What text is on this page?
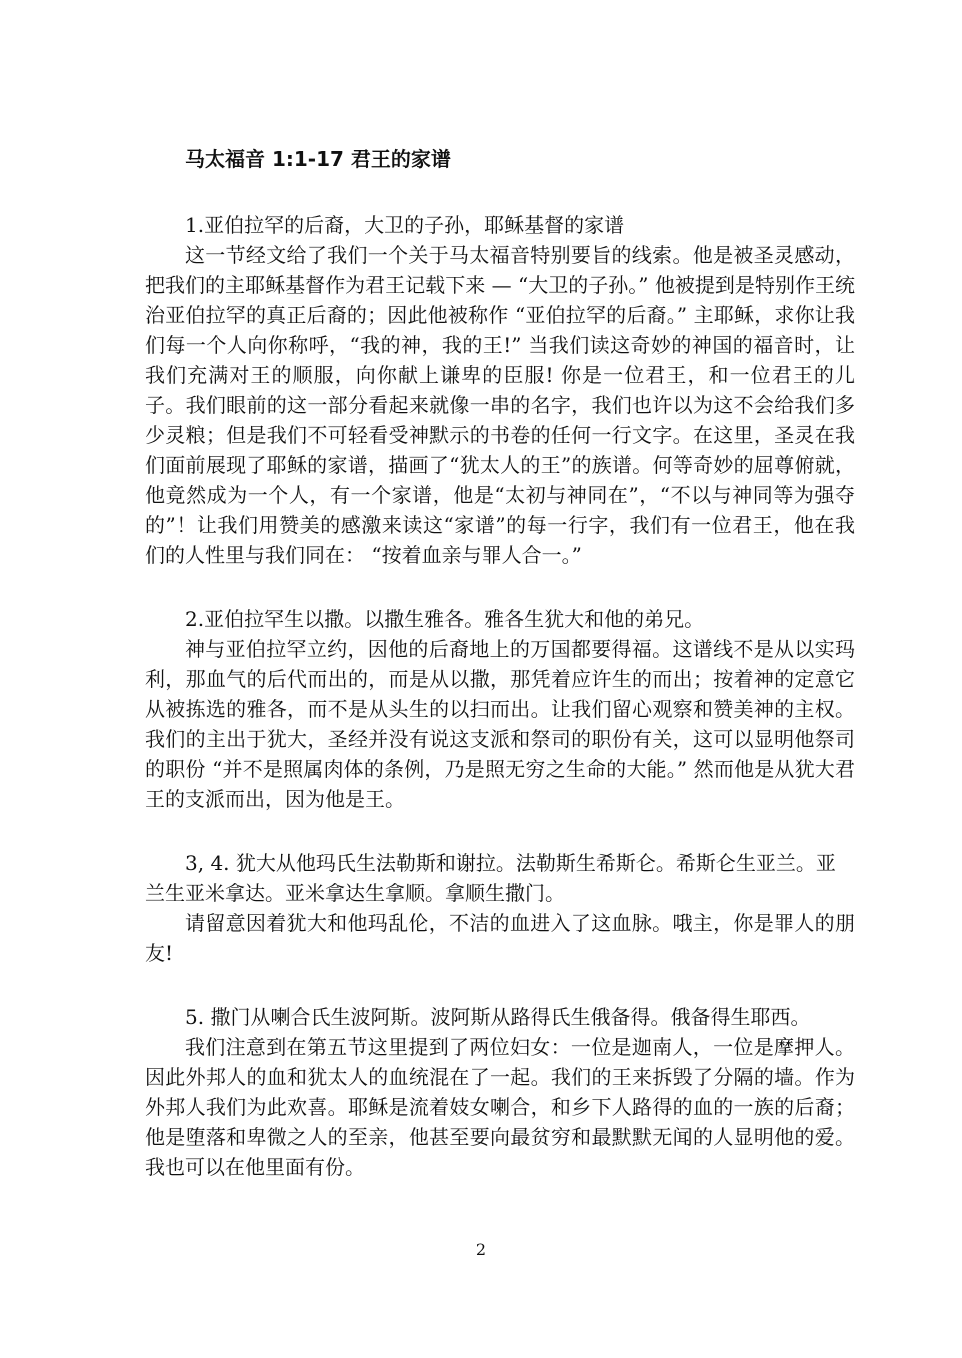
马太福音 1:1-17 君王的家谱

1.亚伯拉罕的后裔，大卫的子孙，耶稣基督的家谱

这一节经文给了我们一个关于马太福音特别要旨的线索。他是被圣灵感动，把我们的主耶稣基督作为君王记载下来 — “大卫的子孙。” 他被提到是特别作王统治亚伯拉罕的真正后裔的；因此他被称作 “亚伯拉罕的后裔。” 主耶稣，求你让我们每一个人向你称呼，“我的神，我的王!” 当我们读这奇妙的神国的福音时，让我们充满对王的顺服，向你献上谦卑的臣服! 你是一位君王，和一位君王的儿子。我们眼前的这一部分看起来就像一串的名字，我们也许以为这不会给我们多少灵粮；但是我们不可轻看受神默示的书卷的任何一行文字。在这里，圣灵在我们面前展现了耶稣的家谱，描画了“犹太人的王”的族谱。何等奇妙的屈尊俯就，他竟然成为一个人，有一个家谱，他是“太初与神同在”，“不以与神同等为强夺的”！让我们用赞美的感激来读这“家谱”的每一行字，我们有一位君王，他在我们的人性里与我们同在： “按着血亲与罪人合一。”

2.亚伯拉罕生以撒。以撒生雅各。雅各生犹大和他的弟兄。

神与亚伯拉罕立约，因他的后裔地上的万国都要得福。这谱线不是从以实玛利，那血气的后代而出的，而是从以撒，那凭着应许生的而出；按着神的定意它从被拣选的雅各，而不是从头生的以扫而出。让我们留心观察和赞美神的主权。我们的主出于犹大，圣经并没有说这支派和祭司的职份有关，这可以显明他祭司的职份 “并不是照属肉体的条例，乃是照无穷之生命的大能。” 然而他是从犹大君王的支派而出，因为他是王。

3, 4. 犹大从他玛氏生法勒斯和谢拉。法勒斯生希斯仑。希斯仑生亚兰。亚兰生亚米拿达。亚米拿达生拿顺。拿顺生撒门。

请留意因着犹大和他玛乱伦，不洁的血进入了这血脉。哦主，你是罪人的朋友!

5. 撒门从喇合氏生波阿斯。波阿斯从路得氏生俄备得。俄备得生耶西。

我们注意到在第五节这里提到了两位妇女：一位是迦南人，一位是摩押人。因此外邦人的血和犹太人的血统混在了一起。我们的王来拆毁了分隔的墙。作为外邦人我们为此欢喜。耶稣是流着妓女喇合，和乡下人路得的血的一族的后裔；他是堕落和卑微之人的至亲，他甚至要向最贫穷和最默默无闻的人显明他的爱。我也可以在他里面有份。

2
